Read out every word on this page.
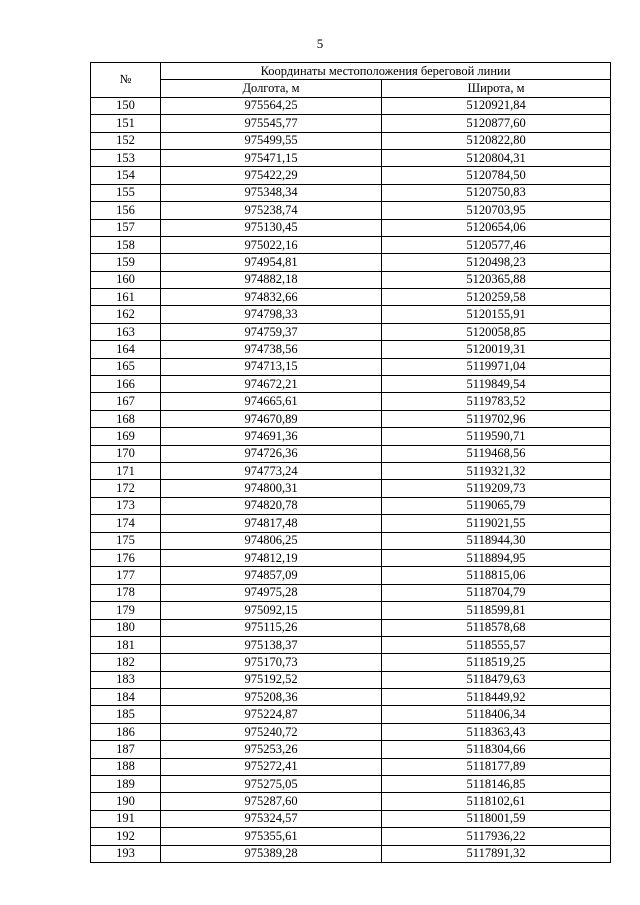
5
№	Координаты местоположения береговой линии	
	Долгота, м	Широта, м
150	975564,25	5120921,84
151	975545,77	5120877,60
152	975499,55	5120822,80
153	975471,15	5120804,31
154	975422,29	5120784,50
155	975348,34	5120750,83
156	975238,74	5120703,95
157	975130,45	5120654,06
158	975022,16	5120577,46
159	974954,81	5120498,23
160	974882,18	5120365,88
161	974832,66	5120259,58
162	974798,33	5120155,91
163	974759,37	5120058,85
164	974738,56	5120019,31
165	974713,15	5119971,04
166	974672,21	5119849,54
167	974665,61	5119783,52
168	974670,89	5119702,96
169	974691,36	5119590,71
170	974726,36	5119468,56
171	974773,24	5119321,32
172	974800,31	5119209,73
173	974820,78	5119065,79
174	974817,48	5119021,55
175	974806,25	5118944,30
176	974812,19	5118894,95
177	974857,09	5118815,06
178	974975,28	5118704,79
179	975092,15	5118599,81
180	975115,26	5118578,68
181	975138,37	5118555,57
182	975170,73	5118519,25
183	975192,52	5118479,63
184	975208,36	5118449,92
185	975224,87	5118406,34
186	975240,72	5118363,43
187	975253,26	5118304,66
188	975272,41	5118177,89
189	975275,05	5118146,85
190	975287,60	5118102,61
191	975324,57	5118001,59
192	975355,61	5117936,22
193	975389,28	5117891,32
